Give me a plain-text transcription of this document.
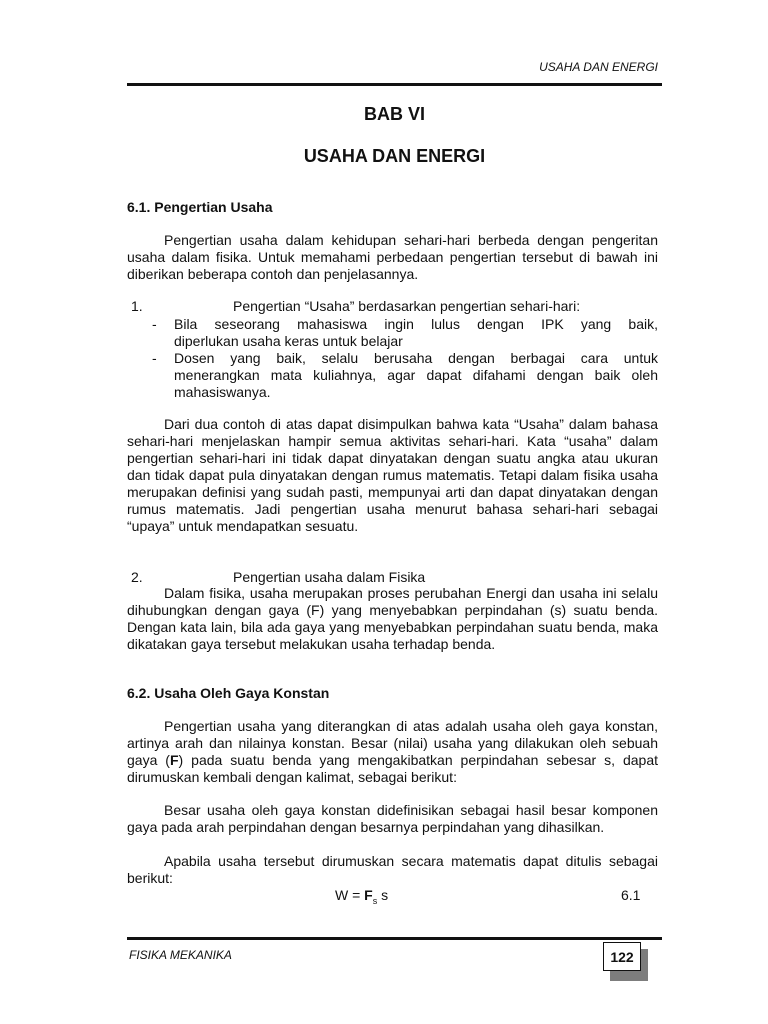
USAHA DAN ENERGI
BAB VI
USAHA DAN ENERGI
6.1. Pengertian Usaha
Pengertian usaha dalam kehidupan sehari-hari berbeda dengan pengeritan usaha dalam fisika. Untuk memahami perbedaan pengertian tersebut di bawah ini diberikan beberapa contoh dan penjelasannya.
1.	Pengertian “Usaha” berdasarkan pengertian sehari-hari:
- Bila seseorang mahasiswa ingin lulus dengan IPK yang baik,
diperlukan usaha keras untuk belajar
- Dosen yang baik, selalu berusaha dengan berbagai cara untuk
menerangkan mata kuliahnya, agar dapat difahami dengan baik oleh
mahasiswanya.
Dari dua contoh di atas dapat disimpulkan bahwa kata “Usaha” dalam bahasa sehari-hari menjelaskan hampir semua aktivitas sehari-hari. Kata “usaha” dalam pengertian sehari-hari ini tidak dapat dinyatakan dengan suatu angka atau ukuran dan tidak dapat pula dinyatakan dengan rumus matematis. Tetapi dalam fisika usaha merupakan definisi yang sudah pasti, mempunyai arti dan dapat dinyatakan dengan rumus matematis. Jadi pengertian usaha menurut bahasa sehari-hari sebagai “upaya” untuk mendapatkan sesuatu.
2.	Pengertian usaha dalam Fisika
Dalam fisika, usaha merupakan proses perubahan Energi dan usaha ini selalu dihubungkan dengan gaya (F) yang menyebabkan perpindahan (s) suatu benda. Dengan kata lain, bila ada gaya yang menyebabkan perpindahan suatu benda, maka dikatakan gaya tersebut melakukan usaha terhadap benda.
6.2. Usaha Oleh Gaya Konstan
Pengertian usaha yang diterangkan di atas adalah usaha oleh gaya konstan, artinya arah dan nilainya konstan. Besar (nilai) usaha yang dilakukan oleh sebuah gaya (F) pada suatu benda yang mengakibatkan perpindahan sebesar s, dapat dirumuskan kembali dengan kalimat, sebagai berikut:
Besar usaha oleh gaya konstan didefinisikan sebagai hasil besar komponen gaya pada arah perpindahan dengan besarnya perpindahan yang dihasilkan.
Apabila usaha tersebut dirumuskan secara matematis dapat ditulis sebagai berikut:
$W = F_s$ s	6.1
FISIKA MEKANIKA	122
